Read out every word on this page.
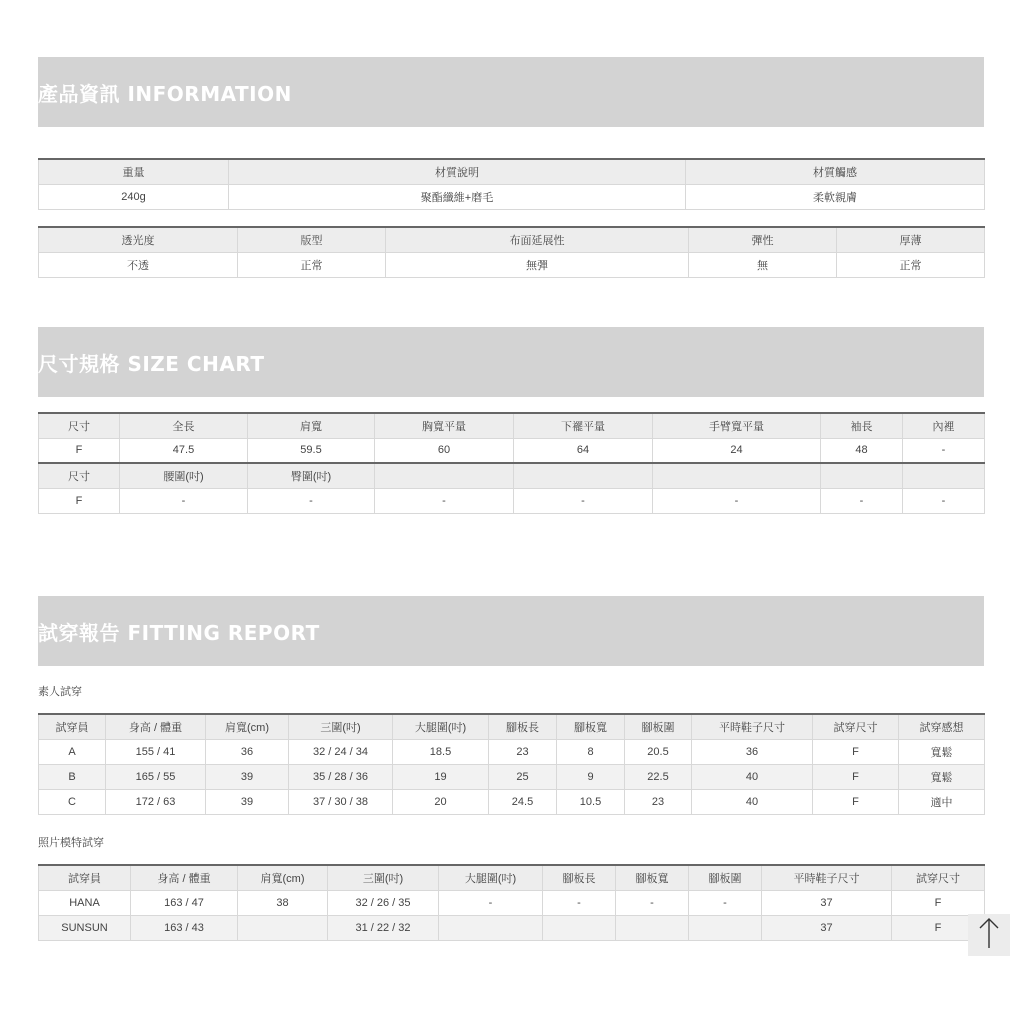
產品資訊 INFORMATION
重量	材質說明	材質觸感
240g	聚酯纖維+磨毛	柔軟親膚
透光度	版型	布面延展性	彈性	厚薄
不透	正常	無彈	無	正常
尺寸規格 SIZE CHART
尺寸	全長	肩寬	胸寬平量	下襬平量	手臂寬平量	袖長	內裡
F	47.5	59.5	60	64	24	48	-
尺寸	腰圍(吋)	臀圍(吋)					
F	-	-	-	-	-	-	-
試穿報告 FITTING REPORT
素人試穿
試穿員	身高 / 體重	肩寬(cm)	三圍(吋)	大腿圍(吋)	腳板長	腳板寬	腳板圍	平時鞋子尺寸	試穿尺寸	試穿感想
A	155 / 41	36	32 / 24 / 34	18.5	23	8	20.5	36	F	寬鬆
B	165 / 55	39	35 / 28 / 36	19	25	9	22.5	40	F	寬鬆
C	172 / 63	39	37 / 30 / 38	20	24.5	10.5	23	40	F	適中
照片模特試穿
試穿員	身高 / 體重	肩寬(cm)	三圍(吋)	大腿圍(吋)	腳板長	腳板寬	腳板圍	平時鞋子尺寸	試穿尺寸
HANA	163 / 47	38	32 / 26 / 35	-	-	-	-	37	F
SUNSUN	163 / 43		31 / 22 / 32					37	F
